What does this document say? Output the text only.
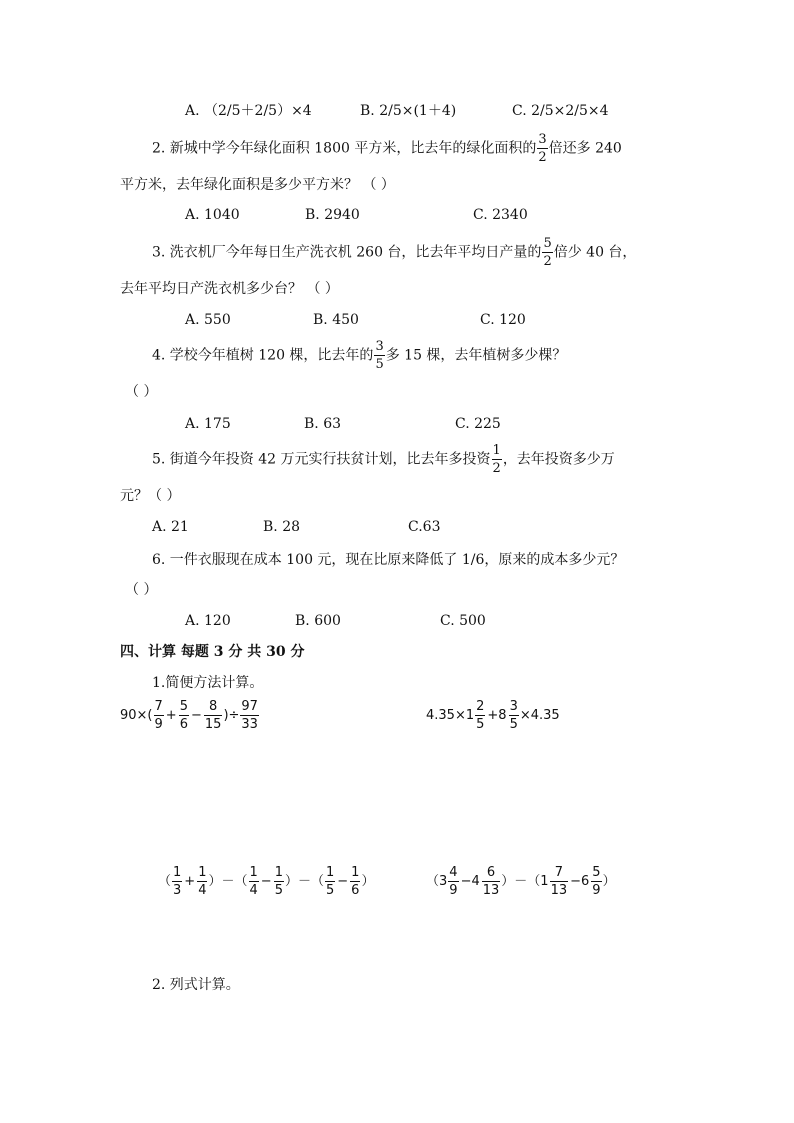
A. （2/5＋2/5）×4	B. 2/5×(1＋4)	C. 2/5×2/5×4
2. 新城中学今年绿化面积 1800 平方米，比去年的绿化面积的 $\frac{3}{2}$ 倍还多 240
平方米，去年绿化面积是多少平方米？ （ ）
A. 1040	B. 2940	C. 2340
3. 洗衣机厂今年每日生产洗衣机 260 台，比去年平均日产量的 $\frac{5}{2}$ 倍少 40 台，
去年平均日产洗衣机多少台？ （ ）
A. 550	B. 450	C. 120
4. 学校今年植树 120 棵，比去年的 $\frac{3}{5}$ 多 15 棵，去年植树多少棵？
（ ）
A. 175	B. 63	C. 225
5. 街道今年投资 42 万元实行扶贫计划，比去年多投资 $\frac{1}{2}$ ，去年投资多少万
元？（ ）
A. 21	B. 28	C.63
6. 一件衣服现在成本 100 元，现在比原来降低了 1/6，原来的成本多少元？
（ ）
A. 120	B. 600	C. 500
四、计算 每题 3 分 共 30 分
1.简便方法计算。
$90\times( \frac{7}{9} + \frac{5}{6} - \frac{8}{15}$ )÷ $\frac{97}{33}$	$4.35\times 1 \frac{2}{5} +8 \frac{3}{5} \times 4.35$
（ $\frac{1}{3} + \frac{1}{4}$ ）－（ $\frac{1}{4} - \frac{1}{5}$ ）－（ $\frac{1}{5} - \frac{1}{6}$ ）	$(3 \frac{4}{9} -4 \frac{6}{13} )-(1 \frac{7}{13} -6 \frac{5}{9}$ ）
2. 列式计算。
